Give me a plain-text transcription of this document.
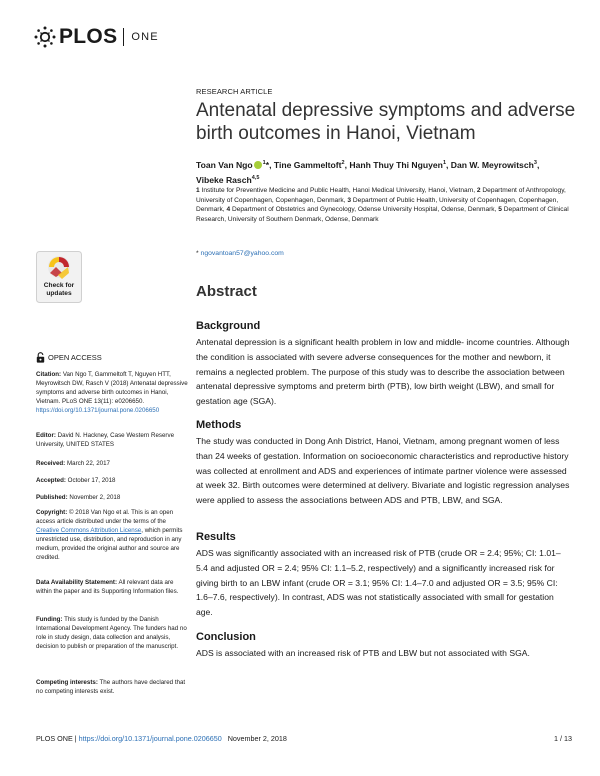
PLOS ONE
RESEARCH ARTICLE
Antenatal depressive symptoms and adverse birth outcomes in Hanoi, Vietnam
Toan Van Ngo $^1$*, Tine Gammeltoft$^2$, Hanh Thuy Thi Nguyen$^1$, Dan W. Meyrowitsch$^3$,
Vibeke Rasch$^{4,5}$
1 Institute for Preventive Medicine and Public Health, Hanoi Medical University, Hanoi, Vietnam, 2 Department of Anthropology, University of Copenhagen, Copenhagen, Denmark, 3 Department of Public Health, University of Copenhagen, Copenhagen, Denmark, 4 Department of Obstetrics and Gynecology, Odense University Hospital, Odense, Denmark, 5 Department of Clinical Research, University of Southern Denmark, Odense, Denmark
* ngovantoan57@yahoo.com
Abstract
Background

Antenatal depression is a significant health problem in low and middle- income countries. Although the condition is associated with severe adverse consequences for the mother and newborn, it remains a neglected problem. The purpose of this study was to describe the association between antenatal depressive symptoms and preterm birth (PTB), low birth weight (LBW), and small for gestation age (SGA).

Methods

The study was conducted in Dong Anh District, Hanoi, Vietnam, among pregnant women of less than 24 weeks of gestation. Information on socioeconomic characteristics and reproductive history was collected at enrollment and ADS and experiences of intimate partner violence were assessed at week 32. Birth outcomes were determined at delivery. Bivariate and logistic regression analyses were applied to assess the associations between ADS and PTB, LBW, and SGA.

Results

ADS was significantly associated with an increased risk of PTB (crude OR = 2.4; 95%; CI: 1.01–5.4 and adjusted OR = 2.4; 95% CI: 1.1–5.2, respectively) and a significantly increased risk for giving birth to an LBW infant (crude OR = 3.1; 95% CI: 1.4–7.0 and adjusted OR = 3.5; 95% CI: 1.6–7.6, respectively). In contrast, ADS was not statistically associated with small for gestation age.

Conclusion

ADS is associated with an increased risk of PTB and LBW but not associated with SGA.

Check for
updates
OPEN ACCESS
Citation: Van Ngo T, Gammeltoft T, Nguyen HTT, Meyrowitsch DW, Rasch V (2018) Antenatal depressive symptoms and adverse birth outcomes in Hanoi, Vietnam. PLoS ONE 13(11): e0206650. https://doi.org/10.1371/journal.pone.0206650
Editor: David N. Hackney, Case Western Reserve University, UNITED STATES
Received: March 22, 2017
Accepted: October 17, 2018
Published: November 2, 2018
Copyright: © 2018 Van Ngo et al. This is an open access article distributed under the terms of the Creative Commons Attribution License, which permits unrestricted use, distribution, and reproduction in any medium, provided the original author and source are credited.
Data Availability Statement: All relevant data are within the paper and its Supporting Information files.
Funding: This study is funded by the Danish International Development Agency. The funders had no role in study design, data collection and analysis, decision to publish or preparation of the manuscript.
Competing interests: The authors have declared that no competing interests exist.
PLOS ONE | https://doi.org/10.1371/journal.pone.0206650 November 2, 2018	1 / 13
